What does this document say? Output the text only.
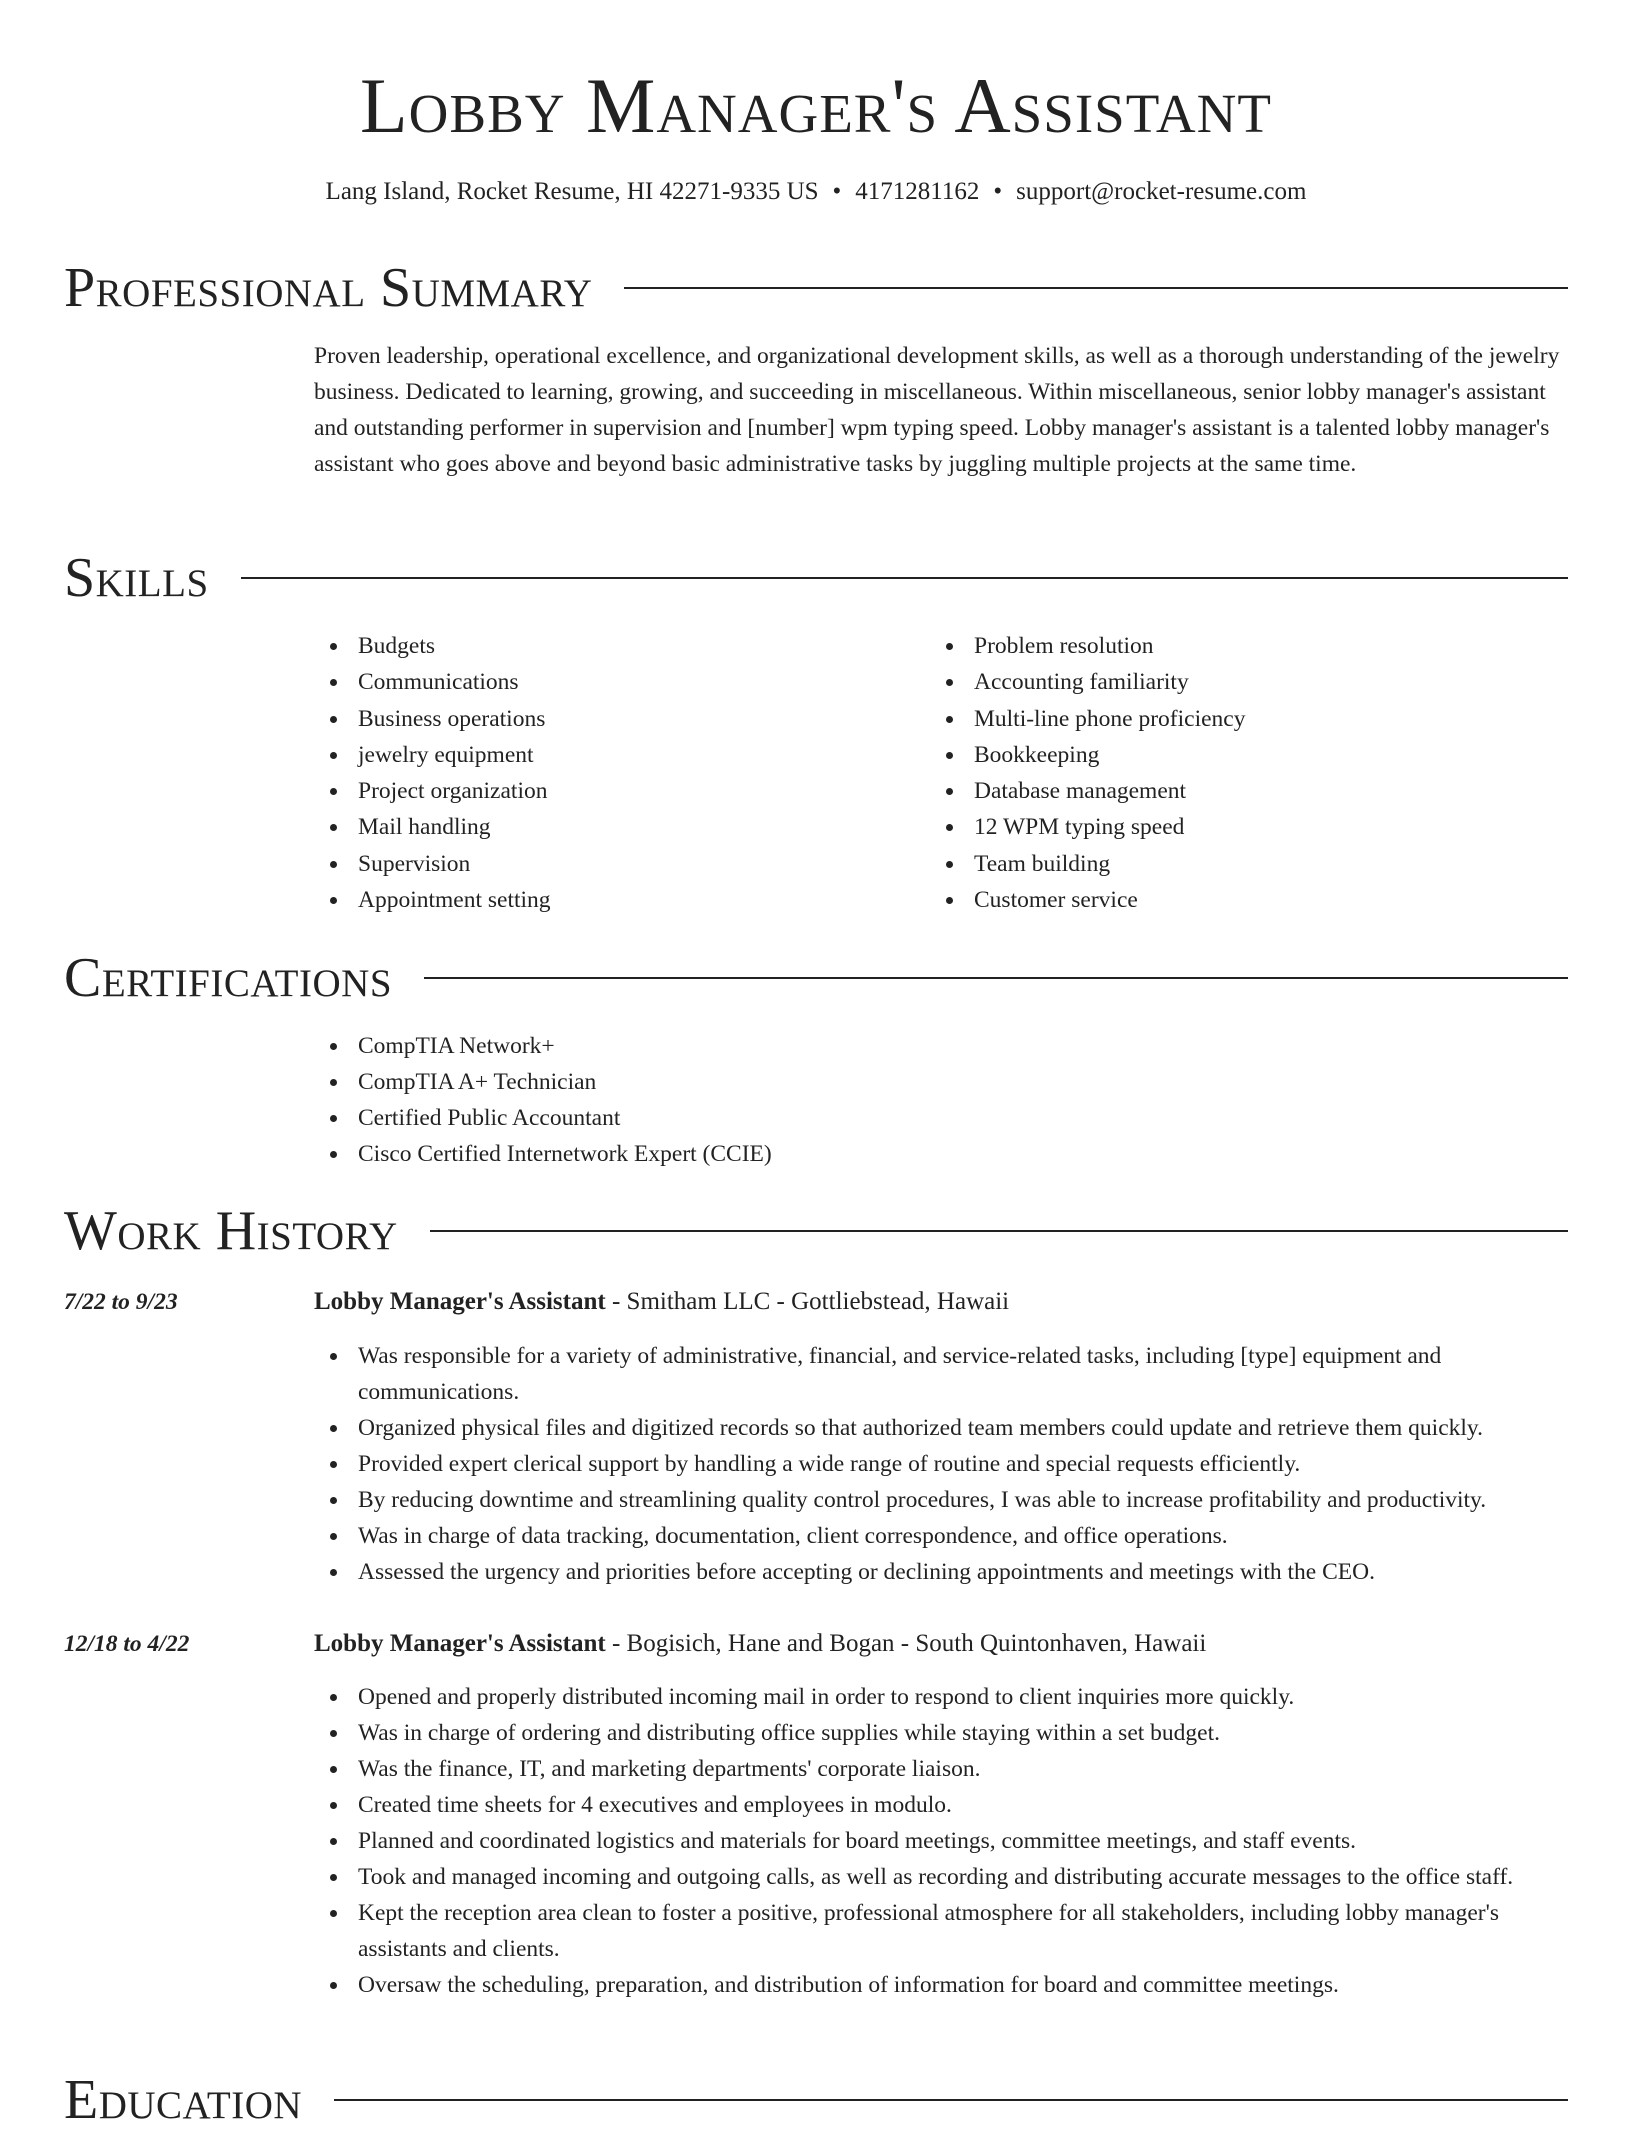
Lobby Manager's Assistant
Lang Island, Rocket Resume, HI 42271-9335 US • 4171281162 • support@rocket-resume.com
Professional Summary

Proven leadership, operational excellence, and organizational development skills, as well as a thorough understanding of the jewelry business. Dedicated to learning, growing, and succeeding in miscellaneous. Within miscellaneous, senior lobby manager's assistant and outstanding performer in supervision and [number] wpm typing speed. Lobby manager's assistant is a talented lobby manager's assistant who goes above and beyond basic administrative tasks by juggling multiple projects at the same time.

Skills
Budgets
Communications
Business operations
jewelry equipment
Project organization
Mail handling
Supervision
Appointment setting
Problem resolution
Accounting familiarity
Multi-line phone proficiency
Bookkeeping
Database management
12 WPM typing speed
Team building
Customer service
Certifications
CompTIA Network+
CompTIA A+ Technician
Certified Public Accountant
Cisco Certified Internetwork Expert (CCIE)
Work History
7/22 to 9/23	Lobby Manager's Assistant - Smitham LLC - Gottliebstead, Hawaii
Was responsible for a variety of administrative, financial, and service-related tasks, including [type] equipment and communications.
Organized physical files and digitized records so that authorized team members could update and retrieve them quickly.
Provided expert clerical support by handling a wide range of routine and special requests efficiently.
By reducing downtime and streamlining quality control procedures, I was able to increase profitability and productivity.
Was in charge of data tracking, documentation, client correspondence, and office operations.
Assessed the urgency and priorities before accepting or declining appointments and meetings with the CEO.
12/18 to 4/22	Lobby Manager's Assistant - Bogisich, Hane and Bogan - South Quintonhaven, Hawaii
Opened and properly distributed incoming mail in order to respond to client inquiries more quickly.
Was in charge of ordering and distributing office supplies while staying within a set budget.
Was the finance, IT, and marketing departments' corporate liaison.
Created time sheets for 4 executives and employees in modulo.
Planned and coordinated logistics and materials for board meetings, committee meetings, and staff events.
Took and managed incoming and outgoing calls, as well as recording and distributing accurate messages to the office staff.
Kept the reception area clean to foster a positive, professional atmosphere for all stakeholders, including lobby manager's assistants and clients.
Oversaw the scheduling, preparation, and distribution of information for board and committee meetings.
Education
